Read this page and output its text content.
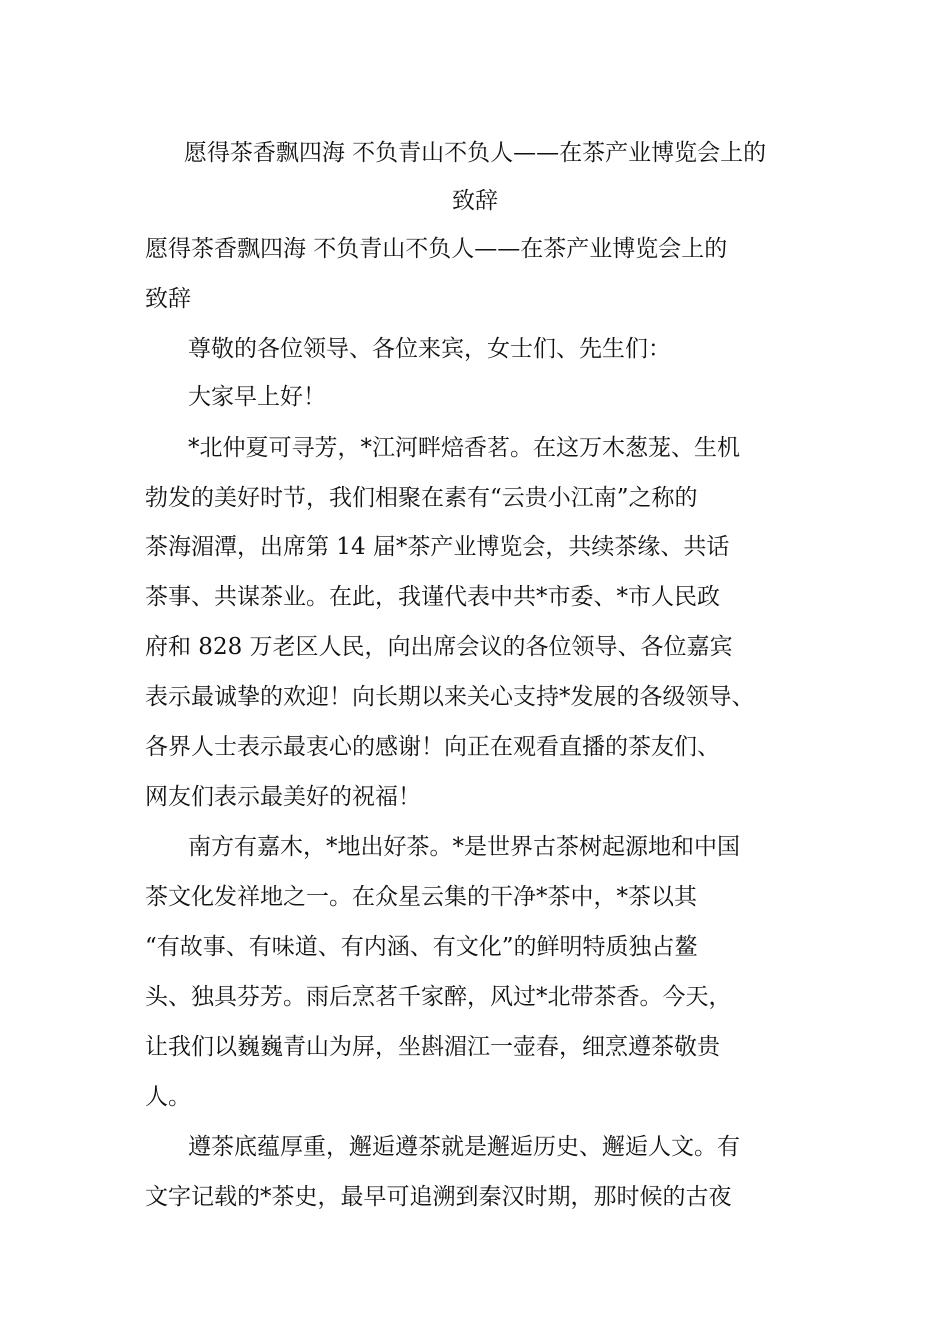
愿得茶香飘四海 不负青山不负人——在茶产业博览会上的
致辞
愿得茶香飘四海 不负青山不负人——在茶产业博览会上的
致辞
尊敬的各位领导、各位来宾，女士们、先生们：
大家早上好！
*北仲夏可寻芳，*江河畔焙香茗。在这万木葱茏、生机
勃发的美好时节，我们相聚在素有“云贵小江南”之称的
茶海湄潭，出席第 14 届*茶产业博览会，共续茶缘、共话
茶事、共谋茶业。在此，我谨代表中共*市委、*市人民政
府和 828 万老区人民，向出席会议的各位领导、各位嘉宾
表示最诚挚的欢迎！向长期以来关心支持*发展的各级领导、
各界人士表示最衷心的感谢！向正在观看直播的茶友们、
网友们表示最美好的祝福！
南方有嘉木，*地出好茶。*是世界古茶树起源地和中国
茶文化发祥地之一。在众星云集的干净*茶中，*茶以其
“有故事、有味道、有内涵、有文化”的鲜明特质独占鳌
头、独具芬芳。雨后烹茗千家醉，风过*北带茶香。今天，
让我们以巍巍青山为屏，坐斟湄江一壶春，细烹遵茶敬贵
人。
遵茶底蕴厚重，邂逅遵茶就是邂逅历史、邂逅人文。有
文字记载的*茶史，最早可追溯到秦汉时期，那时候的古夜
